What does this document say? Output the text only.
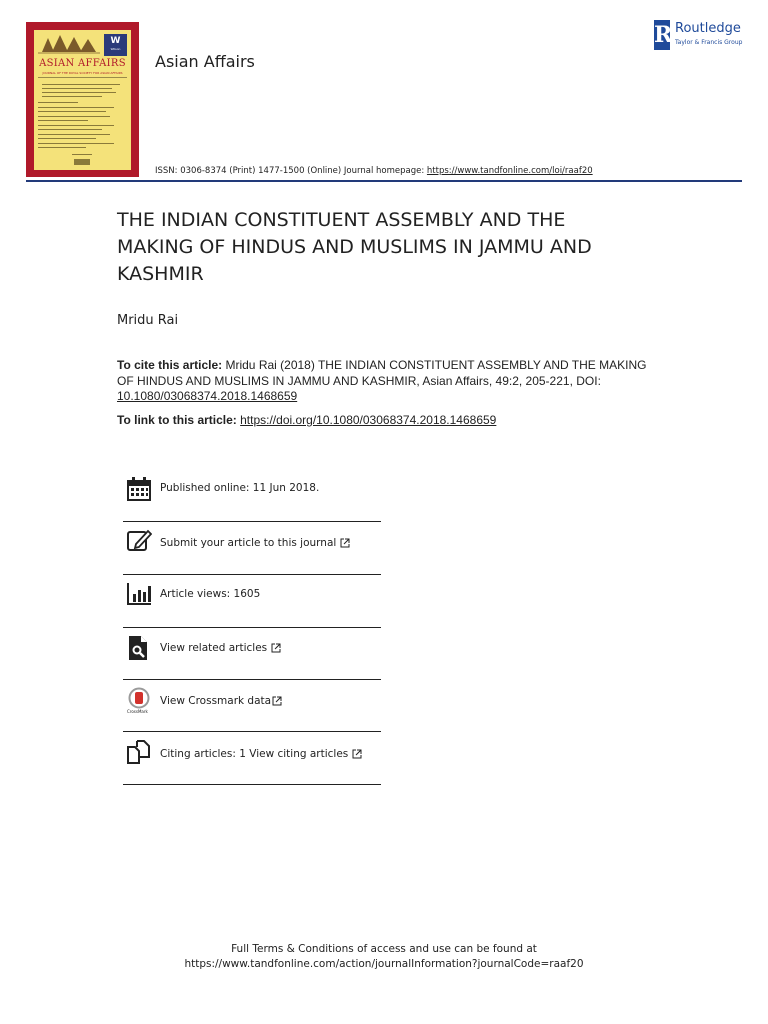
W
Wilson
ASIAN AFFAIRS
JOURNAL OF THE ROYAL SOCIETY FOR ASIAN AFFAIRS
Asian Affairs
R Routledge
Taylor & Francis Group
ISSN: 0306-8374 (Print) 1477-1500 (Online) Journal homepage: https://www.tandfonline.com/loi/raaf20
THE INDIAN CONSTITUENT ASSEMBLY AND THE MAKING OF HINDUS AND MUSLIMS IN JAMMU AND KASHMIR
Mridu Rai
To cite this article: Mridu Rai (2018) THE INDIAN CONSTITUENT ASSEMBLY AND THE MAKING OF HINDUS AND MUSLIMS IN JAMMU AND KASHMIR, Asian Affairs, 49:2, 205-221, DOI: 10.1080/03068374.2018.1468659
To link to this article: https://doi.org/10.1080/03068374.2018.1468659
Published online: 11 Jun 2018.
Submit your article to this journal
Article views: 1605
View related articles
CrossMark
View Crossmark data
Citing articles: 1 View citing articles
Full Terms & Conditions of access and use can be found at
https://www.tandfonline.com/action/journalInformation?journalCode=raaf20
